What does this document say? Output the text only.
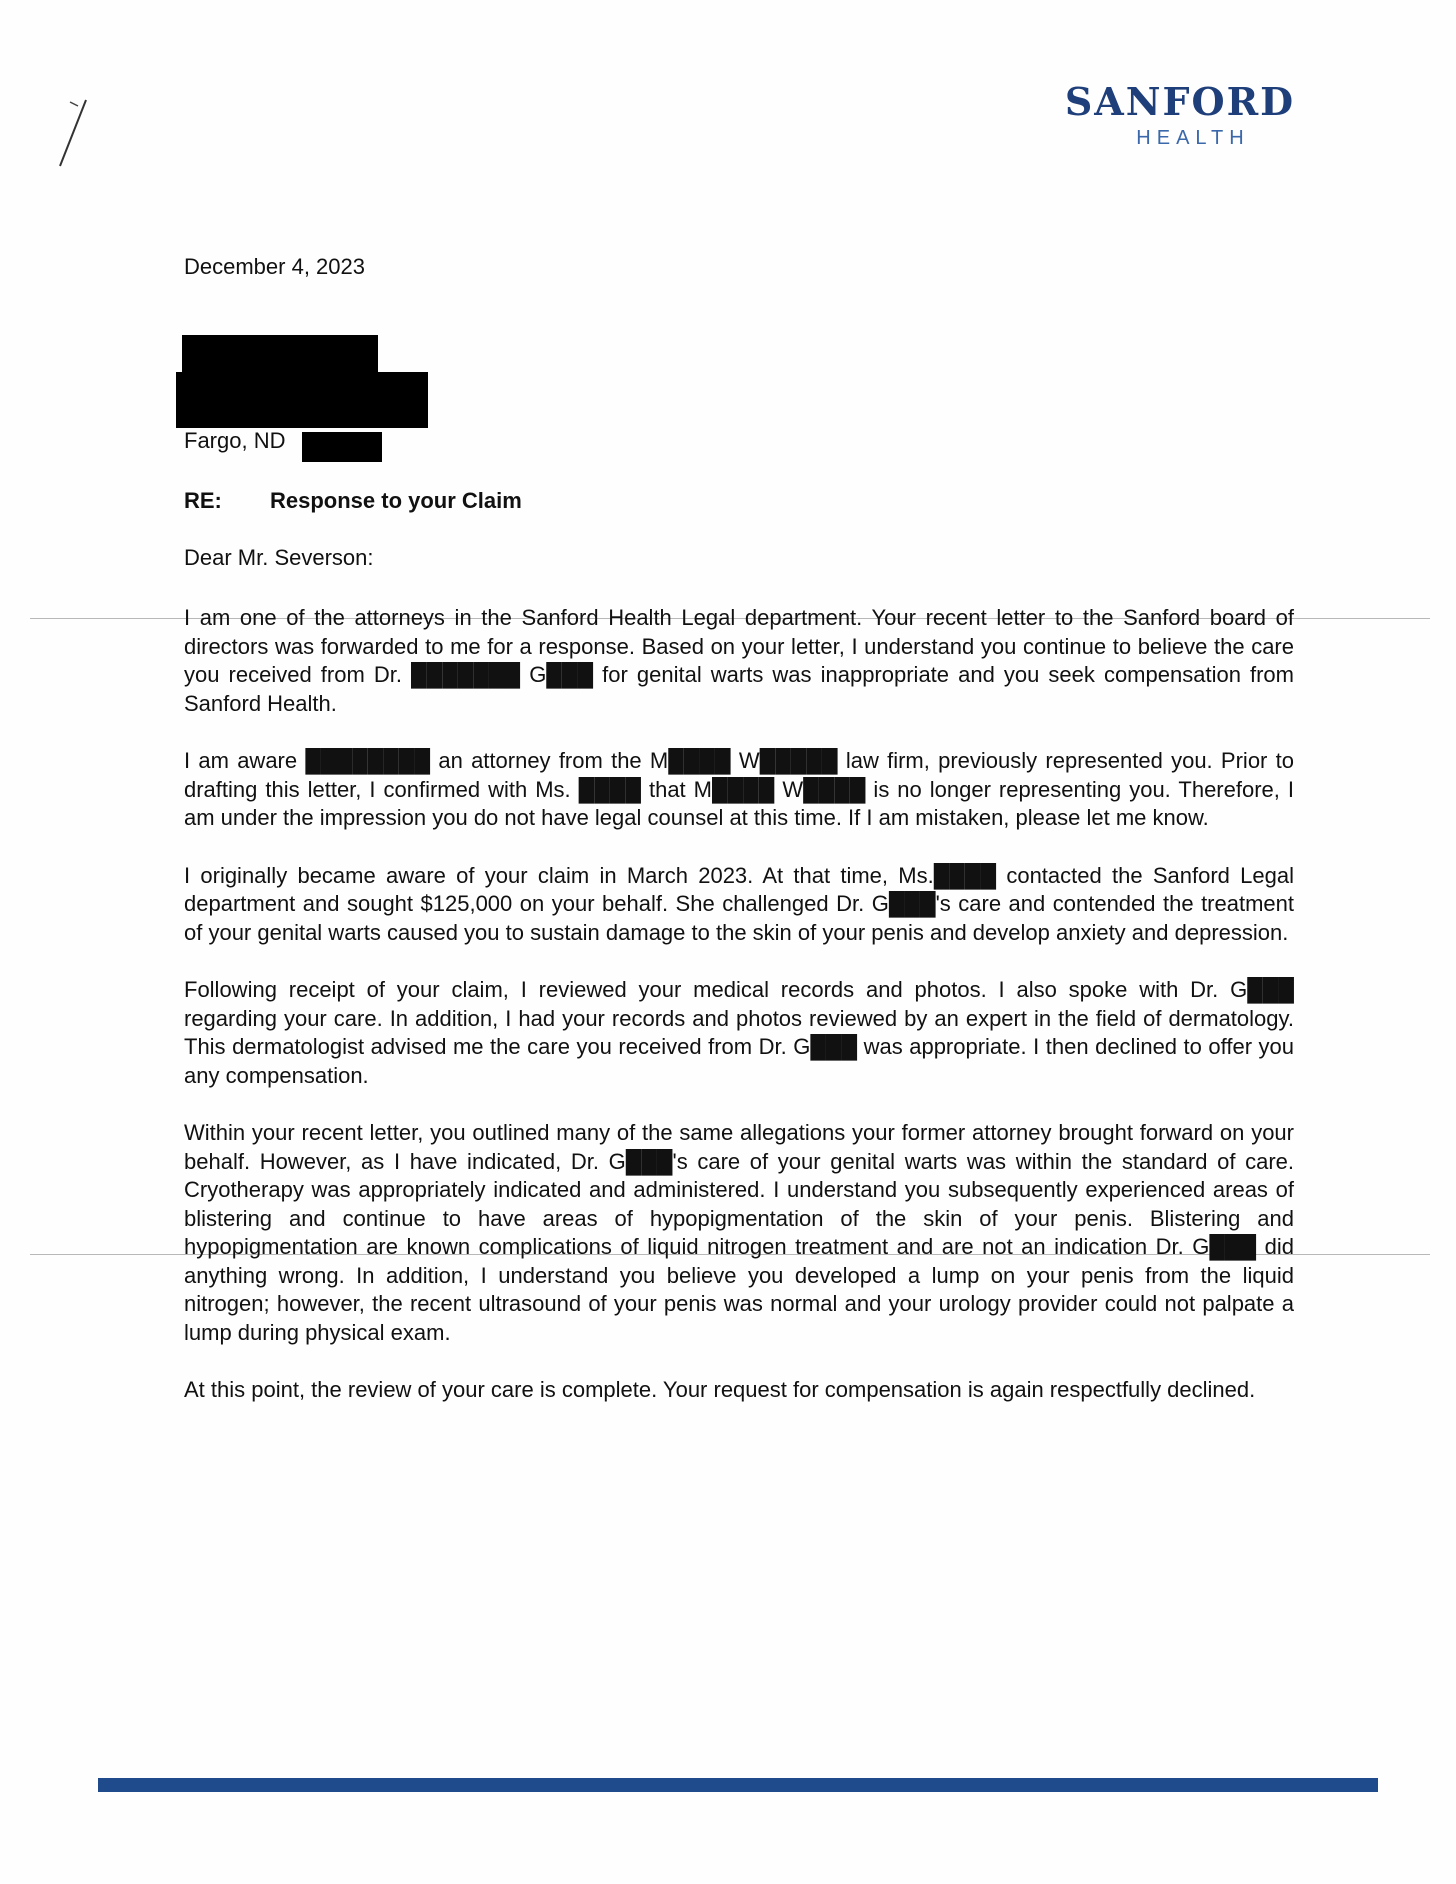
SANFORD
HEALTH
December 4, 2023
Fargo, ND
RE:	Response to your Claim
Dear Mr. Severson:

I am one of the attorneys in the Sanford Health Legal department. Your recent letter to the Sanford board of directors was forwarded to me for a response. Based on your letter, I understand you continue to believe the care you received from Dr. ███████ G███ for genital warts was inappropriate and you seek compensation from Sanford Health.

I am aware ████████ an attorney from the M████ W█████ law firm, previously represented you. Prior to drafting this letter, I confirmed with Ms. ████ that M████ W████ is no longer representing you. Therefore, I am under the impression you do not have legal counsel at this time. If I am mistaken, please let me know.

I originally became aware of your claim in March 2023. At that time, Ms.████ contacted the Sanford Legal department and sought $125,000 on your behalf. She challenged Dr. G███'s care and contended the treatment of your genital warts caused you to sustain damage to the skin of your penis and develop anxiety and depression.

Following receipt of your claim, I reviewed your medical records and photos. I also spoke with Dr. G███ regarding your care. In addition, I had your records and photos reviewed by an expert in the field of dermatology. This dermatologist advised me the care you received from Dr. G███ was appropriate. I then declined to offer you any compensation.

Within your recent letter, you outlined many of the same allegations your former attorney brought forward on your behalf. However, as I have indicated, Dr. G███'s care of your genital warts was within the standard of care. Cryotherapy was appropriately indicated and administered. I understand you subsequently experienced areas of blistering and continue to have areas of hypopigmentation of the skin of your penis. Blistering and hypopigmentation are known complications of liquid nitrogen treatment and are not an indication Dr. G███ did anything wrong. In addition, I understand you believe you developed a lump on your penis from the liquid nitrogen; however, the recent ultrasound of your penis was normal and your urology provider could not palpate a lump during physical exam.

At this point, the review of your care is complete. Your request for compensation is again respectfully declined.
